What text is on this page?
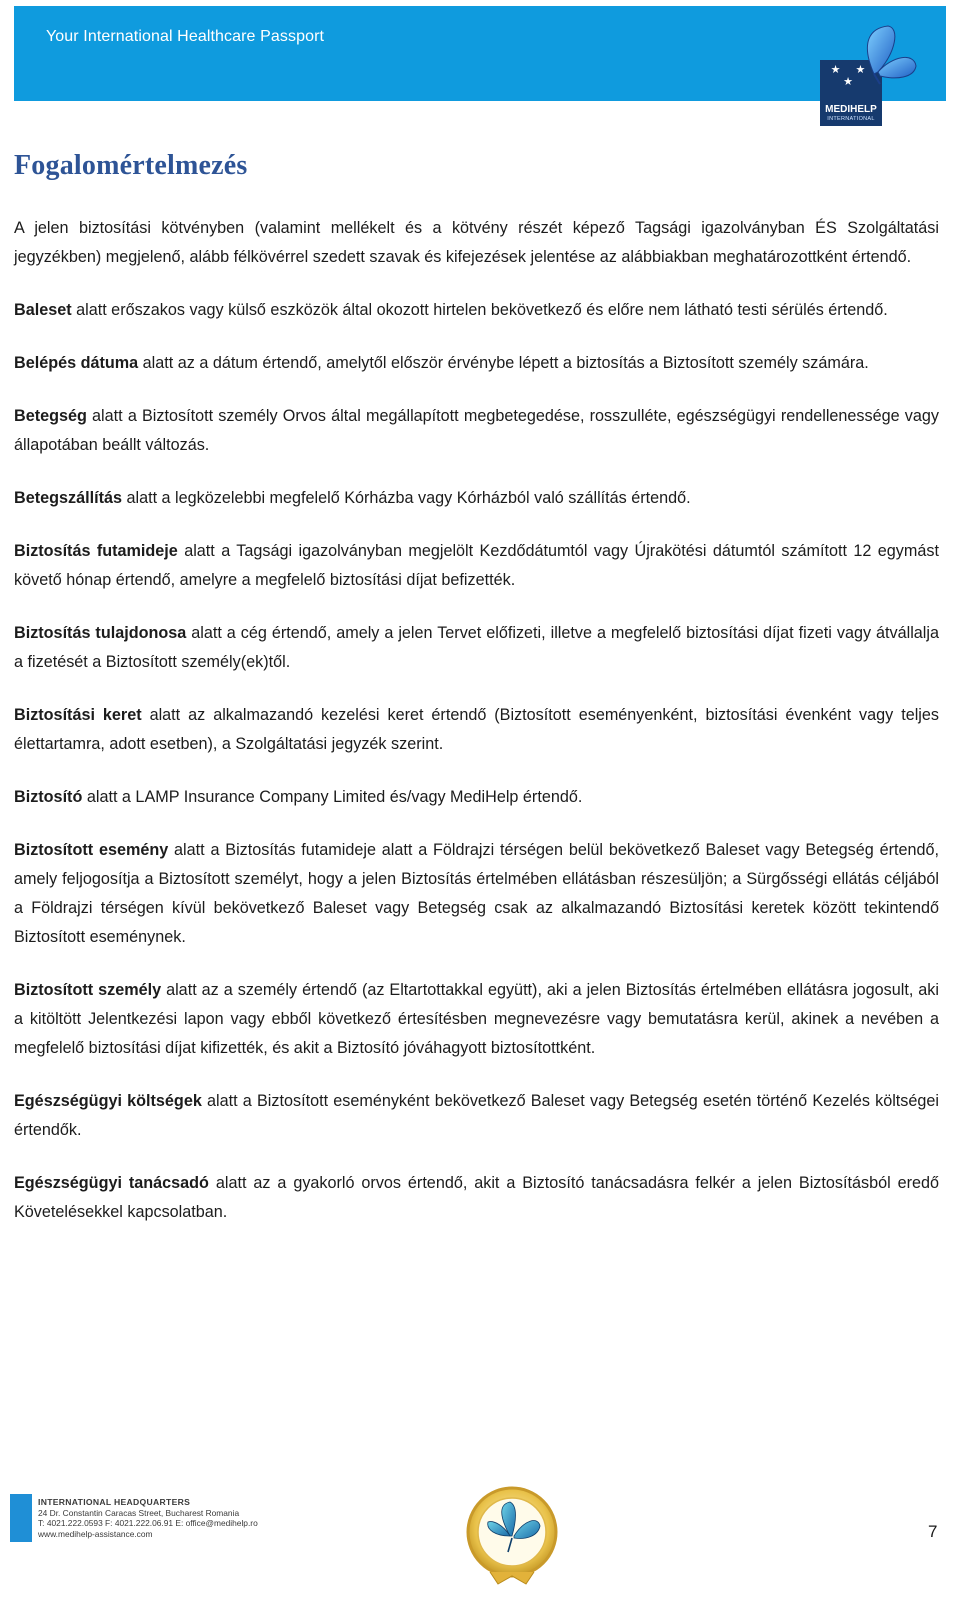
Your International Healthcare Passport
★ ★ ★
MEDIHELP
INTERNATIONAL
Fogalomértelmezés

A jelen biztosítási kötvényben (valamint mellékelt és a kötvény részét képező Tagsági igazolványban ÉS Szolgáltatási jegyzékben) megjelenő, alább félkövérrel szedett szavak és kifejezések jelentése az alábbiakban meghatározottként értendő.

Baleset alatt erőszakos vagy külső eszközök által okozott hirtelen bekövetkező és előre nem látható testi sérülés értendő.

Belépés dátuma alatt az a dátum értendő, amelytől először érvénybe lépett a biztosítás a Biztosított személy számára.

Betegség alatt a Biztosított személy Orvos által megállapított megbetegedése, rosszulléte, egészségügyi rendellenessége vagy állapotában beállt változás.

Betegszállítás alatt a legközelebbi megfelelő Kórházba vagy Kórházból való szállítás értendő.

Biztosítás futamideje alatt a Tagsági igazolványban megjelölt Kezdődátumtól vagy Újrakötési dátumtól számított 12 egymást követő hónap értendő, amelyre a megfelelő biztosítási díjat befizették.

Biztosítás tulajdonosa alatt a cég értendő, amely a jelen Tervet előfizeti, illetve a megfelelő biztosítási díjat fizeti vagy átvállalja a fizetését a Biztosított személy(ek)től.

Biztosítási keret alatt az alkalmazandó kezelési keret értendő (Biztosított eseményenként, biztosítási évenként vagy teljes élettartamra, adott esetben), a Szolgáltatási jegyzék szerint.

Biztosító alatt a LAMP Insurance Company Limited és/vagy MediHelp értendő.

Biztosított esemény alatt a Biztosítás futamideje alatt a Földrajzi térségen belül bekövetkező Baleset vagy Betegség értendő, amely feljogosítja a Biztosított személyt, hogy a jelen Biztosítás értelmében ellátásban részesüljön; a Sürgősségi ellátás céljából a Földrajzi térségen kívül bekövetkező Baleset vagy Betegség csak az alkalmazandó Biztosítási keretek között tekintendő Biztosított eseménynek.

Biztosított személy alatt az a személy értendő (az Eltartottakkal együtt), aki a jelen Biztosítás értelmében ellátásra jogosult, aki a kitöltött Jelentkezési lapon vagy ebből következő értesítésben megnevezésre vagy bemutatásra kerül, akinek a nevében a megfelelő biztosítási díjat kifizették, és akit a Biztosító jóváhagyott biztosítottként.

Egészségügyi költségek alatt a Biztosított eseményként bekövetkező Baleset vagy Betegség esetén történő Kezelés költségei értendők.

Egészségügyi tanácsadó alatt az a gyakorló orvos értendő, akit a Biztosító tanácsadásra felkér a jelen Biztosításból eredő Követelésekkel kapcsolatban.

INTERNATIONAL HEADQUARTERS
24 Dr. Constantin Caracas Street, Bucharest Romania
T: 4021.222.0593 F: 4021.222.06.91 E: office@medihelp.ro
www.medihelp-assistance.com	7
